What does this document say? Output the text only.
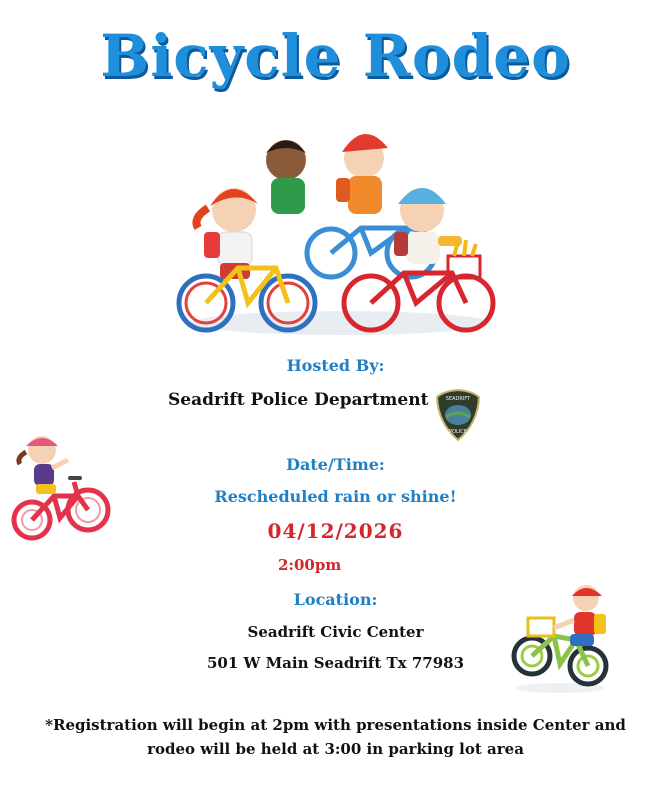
Bicycle Rodeo
Hosted By:
Seadrift Police Department	SEADRIFT
POLICE
Date/Time:
Rescheduled rain or shine!
04/12/2026
2:00pm
Location:
Seadrift Civic Center
501 W Main Seadrift Tx 77983
*Registration will begin at 2pm with presentations inside Center and rodeo will be held at 3:00 in parking lot area
